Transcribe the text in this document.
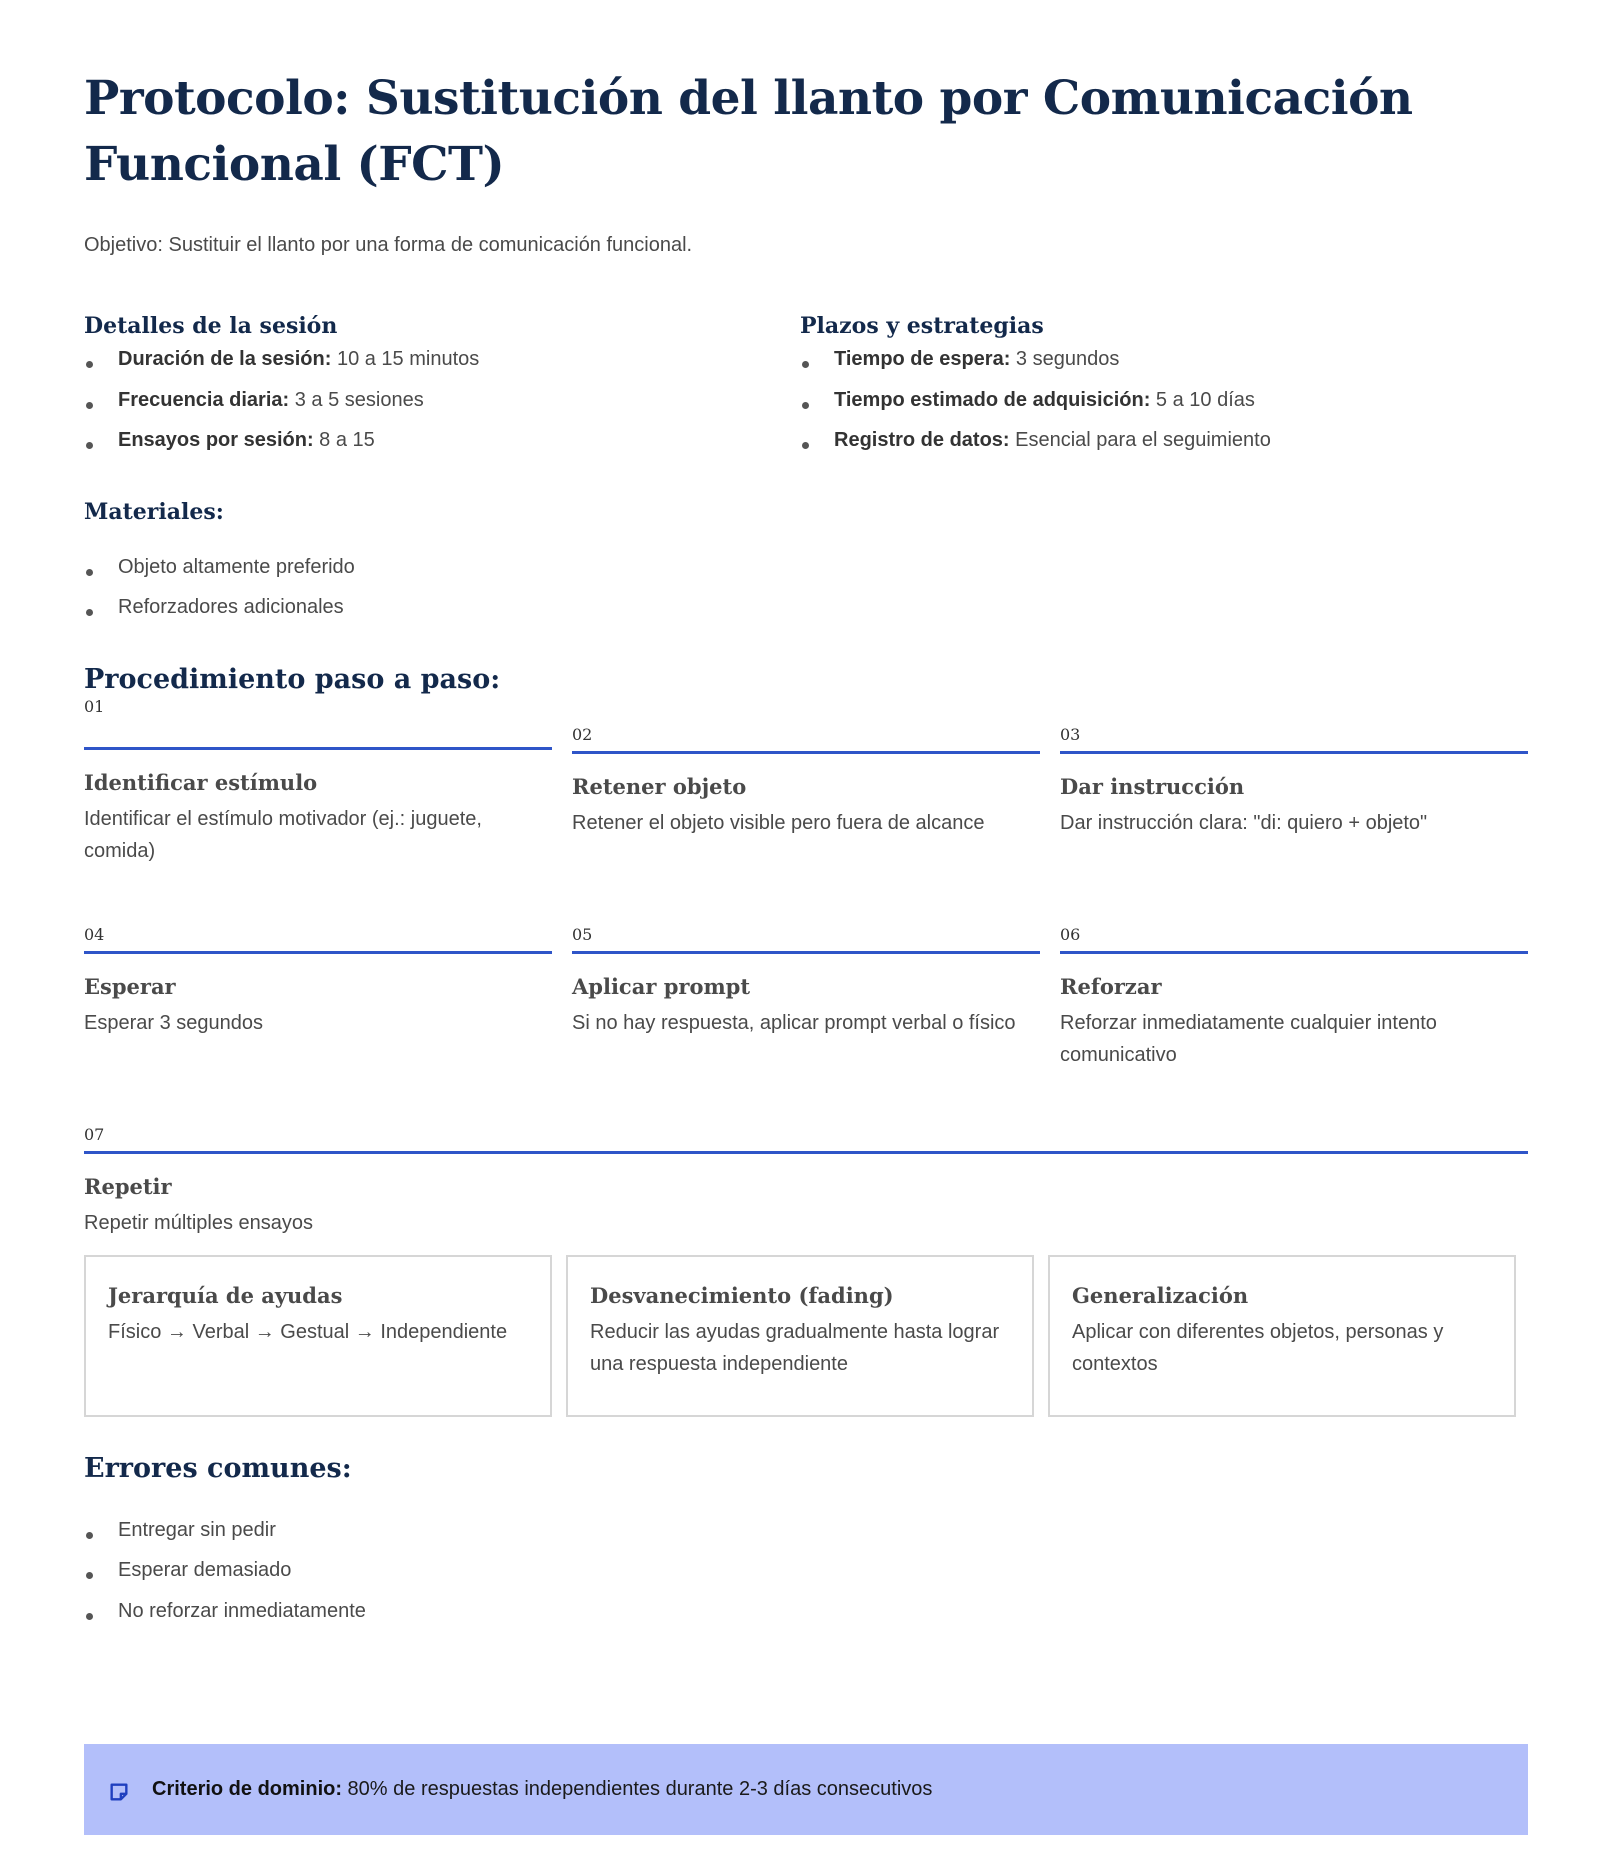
Protocolo: Sustitución del llanto por Comunicación Funcional (FCT)
Objetivo: Sustituir el llanto por una forma de comunicación funcional.
Detalles de la sesión
Duración de la sesión: 10 a 15 minutos
Frecuencia diaria: 3 a 5 sesiones
Ensayos por sesión: 8 a 15
Plazos y estrategias
Tiempo de espera: 3 segundos
Tiempo estimado de adquisición: 5 a 10 días
Registro de datos: Esencial para el seguimiento
Materiales:
Objeto altamente preferido
Reforzadores adicionales
Procedimiento paso a paso:
01
Identificar estímulo
Identificar el estímulo motivador (ej.: juguete, comida)
02
Retener objeto
Retener el objeto visible pero fuera de alcance
03
Dar instrucción
Dar instrucción clara: "di: quiero + objeto"
04
Esperar
Esperar 3 segundos
05
Aplicar prompt
Si no hay respuesta, aplicar prompt verbal o físico
06
Reforzar
Reforzar inmediatamente cualquier intento comunicativo
07
Repetir
Repetir múltiples ensayos
Jerarquía de ayudas
Físico → Verbal → Gestual → Independiente
Desvanecimiento (fading)
Reducir las ayudas gradualmente hasta lograr una respuesta independiente
Generalización
Aplicar con diferentes objetos, personas y contextos
Errores comunes:
Entregar sin pedir
Esperar demasiado
No reforzar inmediatamente
Criterio de dominio: 80% de respuestas independientes durante 2-3 días consecutivos
